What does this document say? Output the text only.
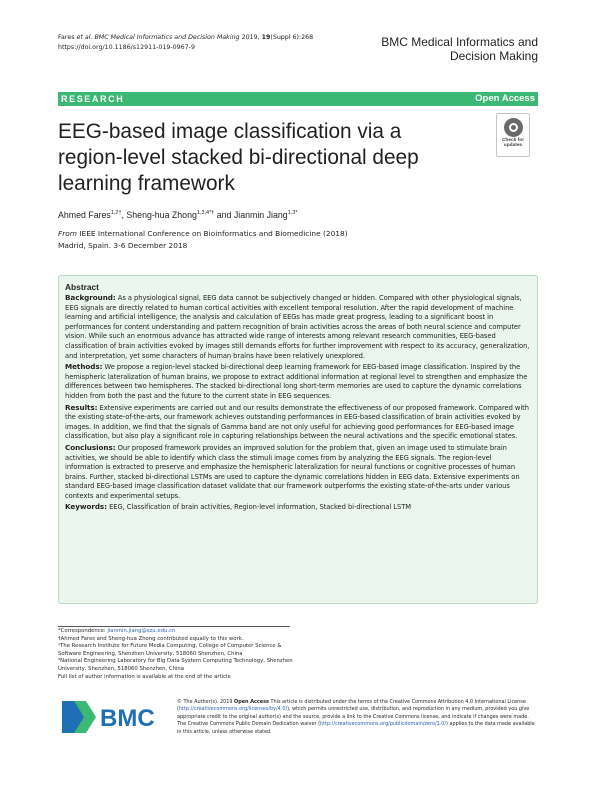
Fares et al. BMC Medical Informatics and Decision Making 2019, 19(Suppl 6):268
https://doi.org/10.1186/s12911-019-0967-9	BMC Medical Informatics and Decision Making
RESEARCH	Open Access
EEG-based image classification via a region-level stacked bi-directional deep learning framework
Check for
updates
Ahmed Fares$^{1,2\dagger}$, Sheng-hua Zhong$^{1,3,4*\dagger}$ and Jianmin Jiang$^{1,3*}$
From IEEE International Conference on Bioinformatics and Biomedicine (2018)
Madrid, Spain. 3-6 December 2018
Abstract

Background: As a physiological signal, EEG data cannot be subjectively changed or hidden. Compared with other physiological signals, EEG signals are directly related to human cortical activities with excellent temporal resolution. After the rapid development of machine learning and artificial intelligence, the analysis and calculation of EEGs has made great progress, leading to a significant boost in performances for content understanding and pattern recognition of brain activities across the areas of both neural science and computer vision. While such an enormous advance has attracted wide range of interests among relevant research communities, EEG-based classification of brain activities evoked by images still demands efforts for further improvement with respect to its accuracy, generalization, and interpretation, yet some characters of human brains have been relatively unexplored.

Methods: We propose a region-level stacked bi-directional deep learning framework for EEG-based image classification. Inspired by the hemispheric lateralization of human brains, we propose to extract additional information at regional level to strengthen and emphasize the differences between two hemispheres. The stacked bi-directional long short-term memories are used to capture the dynamic correlations hidden from both the past and the future to the current state in EEG sequences.

Results: Extensive experiments are carried out and our results demonstrate the effectiveness of our proposed framework. Compared with the existing state-of-the-arts, our framework achieves outstanding performances in EEG-based classification of brain activities evoked by images. In addition, we find that the signals of Gamma band are not only useful for achieving good performances for EEG-based image classification, but also play a significant role in capturing relationships between the neural activations and the specific emotional states.

Conclusions: Our proposed framework provides an improved solution for the problem that, given an image used to stimulate brain activities, we should be able to identify which class the stimuli image comes from by analyzing the EEG signals. The region-level information is extracted to preserve and emphasize the hemispheric lateralization for neural functions or cognitive processes of human brains. Further, stacked bi-directional LSTMs are used to capture the dynamic correlations hidden in EEG data. Extensive experiments on standard EEG-based image classification dataset validate that our framework outperforms the existing state-of-the-arts under various contexts and experimental setups.

Keywords: EEG, Classification of brain activities, Region-level information, Stacked bi-directional LSTM

*Correspondence: jianmin.jiang@szu.edu.cn
†Ahmed Fares and Sheng-hua Zhong contributed equally to this work.
¹The Research Institute for Future Media Computing, College of Computer Science & Software Engineering, Shenzhen University, 518060 Shenzhen, China
³National Engineering Laboratory for Big Data System Computing Technology, Shenzhen University, Shenzhen, 518060 Shenzhen, China
Full list of author information is available at the end of the article
BMC
© The Author(s). 2019 Open Access This article is distributed under the terms of the Creative Commons Attribution 4.0 International License (http://creativecommons.org/licenses/by/4.0/), which permits unrestricted use, distribution, and reproduction in any medium, provided you give appropriate credit to the original author(s) and the source, provide a link to the Creative Commons license, and indicate if changes were made. The Creative Commons Public Domain Dedication waiver (http://creativecommons.org/publicdomain/zero/1.0/) applies to the data made available in this article, unless otherwise stated.
